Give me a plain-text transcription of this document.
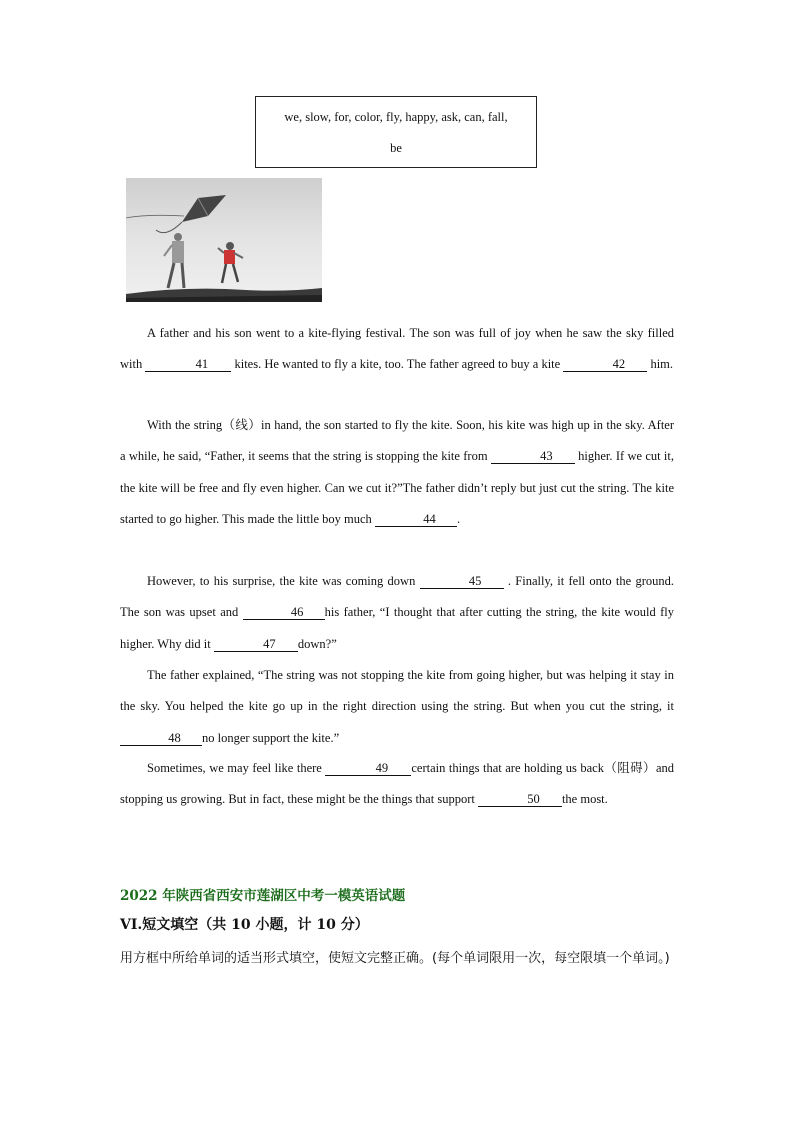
we, slow, for, color, fly, happy, ask, can, fall,
be
A father and his son went to a kite-flying festival. The son was full of joy when he saw the sky filled with	41 kites. He wanted to fly a kite, too. The father agreed to buy a kite	42 him.
With the string（线）in hand, the son started to fly the kite. Soon, his kite was high up in the sky. After a while, he said, “Father, it seems that the string is stopping the kite from	43 higher. If we cut it, the kite will be free and fly even higher. Can we cut it?”The father didn’t reply but just cut the string. The kite started to go higher. This made the little boy much	44 .
However, to his surprise, the kite was coming down	45 . Finally, it fell onto the ground. The son was upset and	46 his father, “I thought that after cutting the string, the kite would fly higher. Why did it	47 down?”
The father explained, “The string was not stopping the kite from going higher, but was helping it stay in the sky. You helped the kite go up in the right direction using the string. But when you cut the string, it 48 no longer support the kite.”
Sometimes, we may feel like there	49 certain things that are holding us back（阻碍）and stopping us growing. But in fact, these might be the things that support	50 the most.
2022 年陕西省西安市莲湖区中考一模英语试题
VI.短文填空（共 10 小题，计 10 分）
用方框中所给单词的适当形式填空，使短文完整正确。(每个单词限用一次，每空限填一个单词。)
